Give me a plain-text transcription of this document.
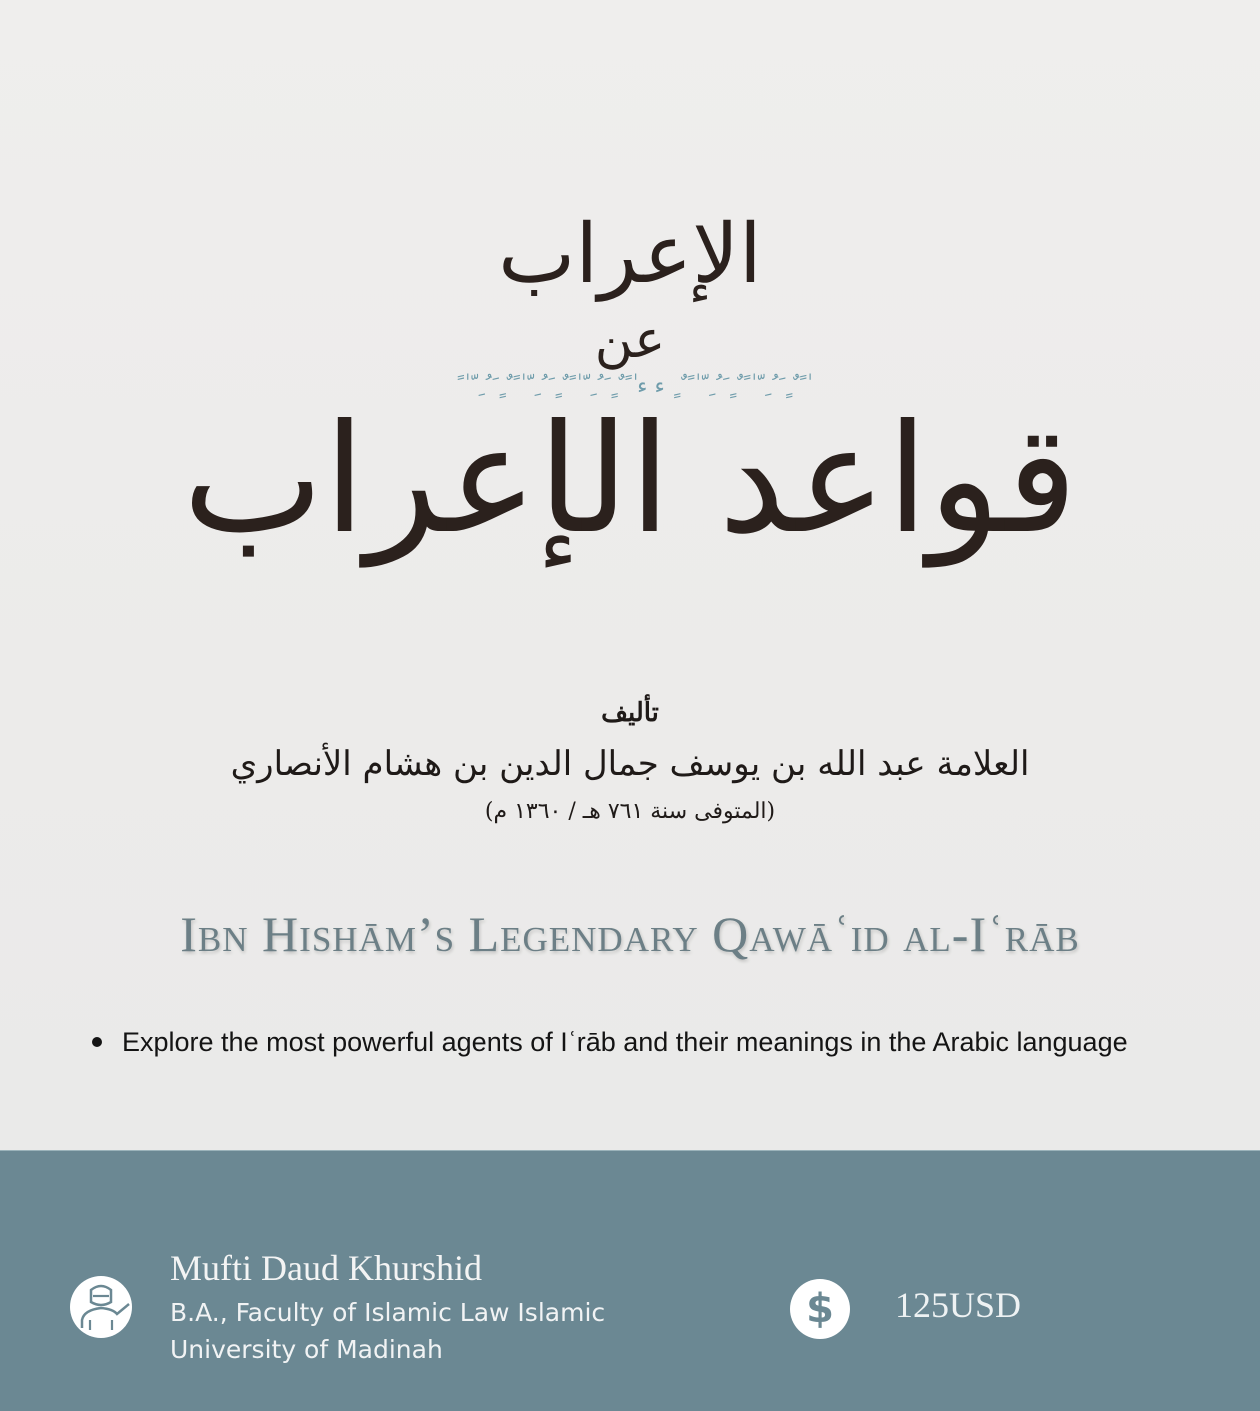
الإعراب
عن
ٰ ً ٌ ٍ َ ُ ِ ّ ٰ ً ٌ ٍ َ ُ ِ ّ ٰ ً ٌ ٍ ء ء ٰ ً ٌ ٍ َ ُ ِ ّ ٰ ً ٌ ٍ َ ُ ِ ّ ٰ ً ٌ ٍ َ ُ ِ ّ ٰ ً
قواعد الإعراب
تأليف
العلامة عبد الله بن يوسف جمال الدين بن هشام الأنصاري
(المتوفى سنة ٧٦١ هـ / ١٣٦٠ م)
Ibn Hishām’s Legendary Qawāʿid al-Iʿrāb
Explore the most powerful agents of Iʿrāb and their meanings in the Arabic language
Mufti Daud Khurshid
B.A., Faculty of Islamic Law Islamic University of Madinah
$ 125USD
